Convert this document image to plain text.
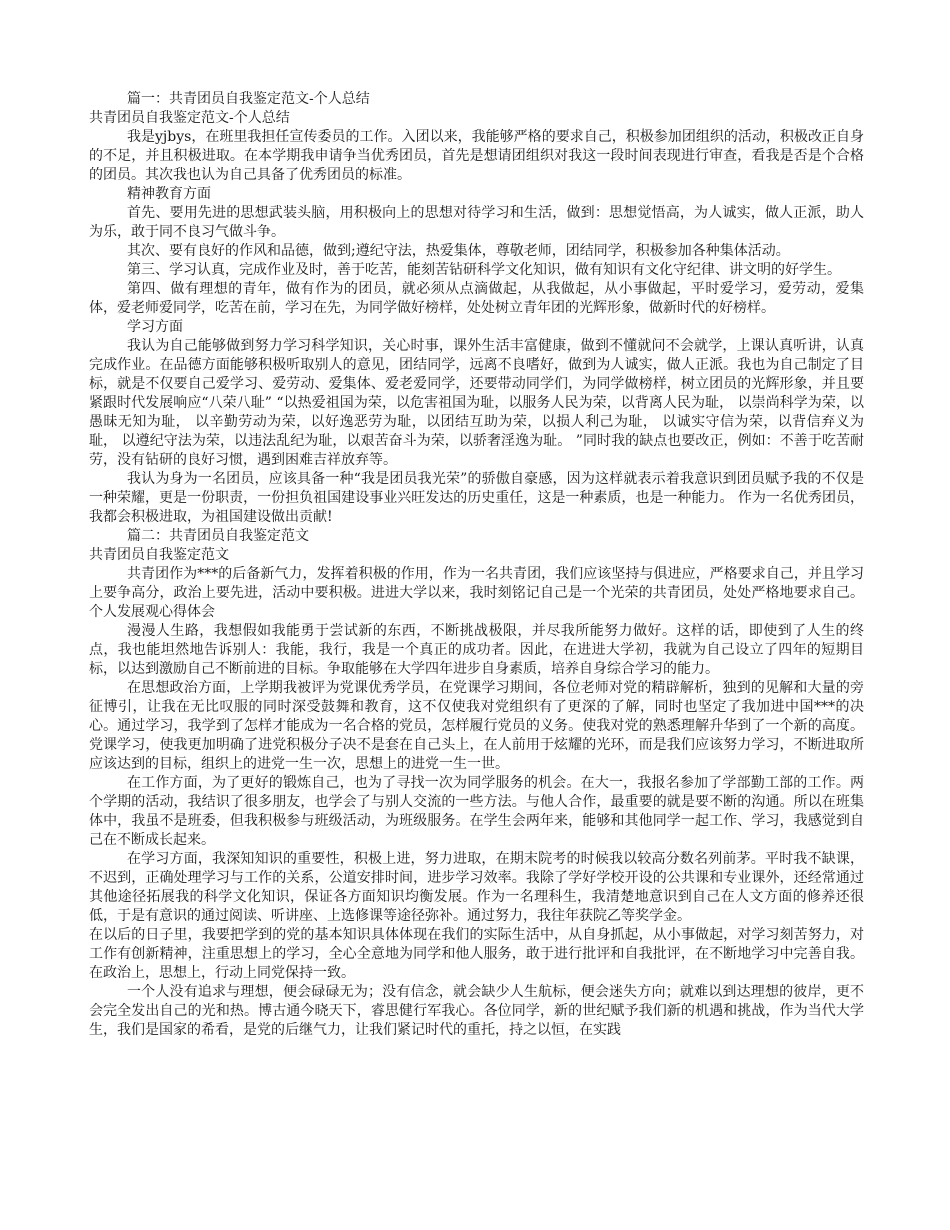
篇一：共青团员自我鉴定范文-个人总结

共青团员自我鉴定范文-个人总结

我是yjbys，在班里我担任宣传委员的工作。入团以来，我能够严格的要求自己，积极参加团组织的活动，积极改正自身的不足，并且积极进取。在本学期我申请争当优秀团员，首先是想请团组织对我这一段时间表现进行审查，看我是否是个合格的团员。其次我也认为自己具备了优秀团员的标准。

精神教育方面

首先、要用先进的思想武装头脑，用积极向上的思想对待学习和生活，做到：思想觉悟高，为人诚实，做人正派，助人为乐，敢于同不良习气做斗争。

其次、要有良好的作风和品德，做到;遵纪守法，热爱集体，尊敬老师，团结同学，积极参加各种集体活动。

第三、学习认真，完成作业及时，善于吃苦，能刻苦钻研科学文化知识，做有知识有文化守纪律、讲文明的好学生。

第四、做有理想的青年，做有作为的团员，就必须从点滴做起，从我做起，从小事做起，平时爱学习，爱劳动，爱集体，爱老师爱同学，吃苦在前，学习在先，为同学做好榜样，处处树立青年团的光辉形象，做新时代的好榜样。

学习方面

我认为自己能够做到努力学习科学知识，关心时事，课外生活丰富健康，做到不懂就问不会就学，上课认真听讲，认真完成作业。在品德方面能够积极听取别人的意见，团结同学，远离不良嗜好，做到为人诚实，做人正派。我也为自己制定了目标，就是不仅要自己爱学习、爱劳动、爱集体、爱老爱同学，还要带动同学们，为同学做榜样，树立团员的光辉形象，并且要紧跟时代发展响应“八荣八耻” “以热爱祖国为荣，以危害祖国为耻，以服务人民为荣，以背离人民为耻， 以崇尚科学为荣，以愚昧无知为耻， 以辛勤劳动为荣，以好逸恶劳为耻，以团结互助为荣，以损人利己为耻， 以诚实守信为荣，以背信弃义为耻， 以遵纪守法为荣，以违法乱纪为耻，以艰苦奋斗为荣，以骄奢淫逸为耻。 ”同时我的缺点也要改正，例如：不善于吃苦耐劳，没有钻研的良好习惯，遇到困难吉祥放弃等。

我认为身为一名团员，应该具备一种“我是团员我光荣”的骄傲自豪感，因为这样就表示着我意识到团员赋予我的不仅是一种荣耀，更是一份职责，一份担负祖国建设事业兴旺发达的历史重任，这是一种素质，也是一种能力。 作为一名优秀团员，我都会积极进取，为祖国建设做出贡献!

篇二：共青团员自我鉴定范文

共青团员自我鉴定范文

共青团作为***的后备新气力，发挥着积极的作用，作为一名共青团，我们应该坚持与俱进应，严格要求自己，并且学习上要争高分，政治上要先进，活动中要积极。进进大学以来，我时刻铭记自己是一个光荣的共青团员，处处严格地要求自己。个人发展观心得体会

漫漫人生路，我想假如我能勇于尝试新的东西，不断挑战极限，并尽我所能努力做好。这样的话，即使到了人生的终点，我也能坦然地告诉别人：我能，我行，我是一个真正的成功者。因此，在进进大学初，我就为自己设立了四年的短期目标，以达到激励自己不断前进的目标。争取能够在大学四年进步自身素质，培养自身综合学习的能力。

在思想政治方面，上学期我被评为党课优秀学员，在党课学习期间，各位老师对党的精辟解析，独到的见解和大量的旁征博引，让我在无比叹服的同时深受鼓舞和教育，这不仅使我对党组织有了更深的了解，同时也坚定了我加进中国***的决心。通过学习，我学到了怎样才能成为一名合格的党员，怎样履行党员的义务。使我对党的熟悉理解升华到了一个新的高度。党课学习，使我更加明确了进党积极分子决不是套在自己头上，在人前用于炫耀的光环，而是我们应该努力学习，不断进取所应该达到的目标，组织上的进党一生一次，思想上的进党一生一世。

在工作方面，为了更好的锻炼自己，也为了寻找一次为同学服务的机会。在大一，我报名参加了学部勤工部的工作。两个学期的活动，我结识了很多朋友，也学会了与别人交流的一些方法。与他人合作，最重要的就是要不断的沟通。所以在班集体中，我虽不是班委，但我积极参与班级活动，为班级服务。在学生会两年来，能够和其他同学一起工作、学习，我感觉到自己在不断成长起来。

在学习方面，我深知知识的重要性，积极上进，努力进取，在期末院考的时候我以较高分数名列前茅。平时我不缺课，不迟到，正确处理学习与工作的关系，公道安排时间，进步学习效率。我除了学好学校开设的公共课和专业课外，还经常通过其他途径拓展我的科学文化知识，保证各方面知识均衡发展。作为一名理科生，我清楚地意识到自己在人文方面的修养还很低，于是有意识的通过阅读、听讲座、上选修课等途径弥补。通过努力，我往年获院乙等奖学金。

在以后的日子里，我要把学到的党的基本知识具体体现在我们的实际生活中，从自身抓起，从小事做起，对学习刻苦努力，对工作有创新精神，注重思想上的学习，全心全意地为同学和他人服务，敢于进行批评和自我批评，在不断地学习中完善自我。在政治上，思想上，行动上同党保持一致。

一个人没有追求与理想，便会碌碌无为；没有信念，就会缺少人生航标，便会迷失方向；就难以到达理想的彼岸，更不会完全发出自己的光和热。博古通今晓天下，睿思健行军我心。各位同学，新的世纪赋予我们新的机遇和挑战，作为当代大学生，我们是国家的希看，是党的后继气力，让我们紧记时代的重托，持之以恒，在实践
